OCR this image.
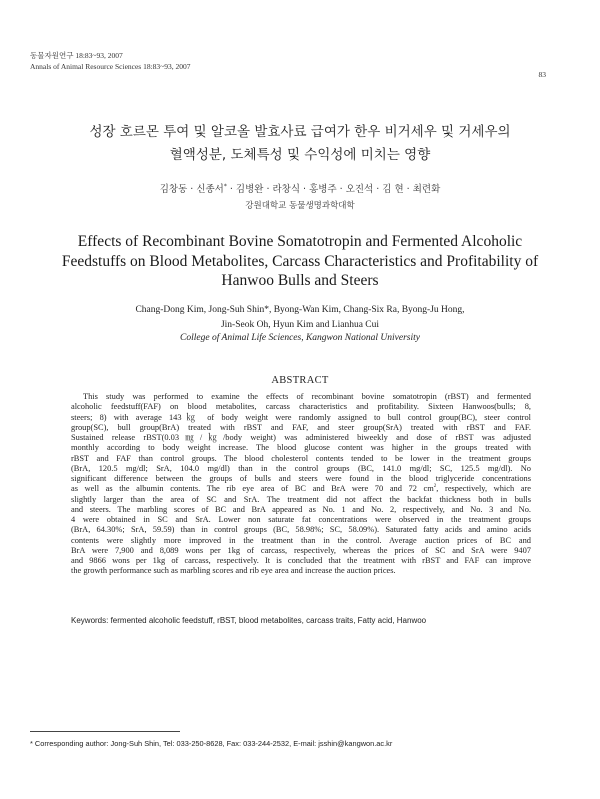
동물자원연구 18:83~93, 2007
Annals of Animal Resource Sciences 18:83~93, 2007
83
성장 호르몬 투여 및 알코올 발효사료 급여가 한우 비거세우 및 거세우의
혈액성분, 도체특성 및 수익성에 미치는 영향
김창동 · 신종서* · 김병완 · 라창식 · 홍병주 · 오진석 · 김 현 · 최련화
강원대학교 동물생명과학대학
Effects of Recombinant Bovine Somatotropin and Fermented Alcoholic
Feedstuffs on Blood Metabolites, Carcass Characteristics and Profitability of
Hanwoo Bulls and Steers
Chang-Dong Kim, Jong-Suh Shin*, Byong-Wan Kim, Chang-Six Ra, Byong-Ju Hong,
Jin-Seok Oh, Hyun Kim and Lianhua Cui
College of Animal Life Sciences, Kangwon National University
ABSTRACT
This study was performed to examine the effects of recombinant bovine somatotropin (rBST) and fermented
alcoholic feedstuff(FAF) on blood metabolites, carcass characteristics and profitability. Sixteen Hanwoos(bulls; 8,
steers; 8) with average 143㎏ of body weight were randomly assigned to bull control group(BC), steer control
group(SC), bull group(BrA) treated with rBST and FAF, and steer group(SrA) treated with rBST and FAF.
Sustained release rBST(0.03㎎/㎏/body weight) was administered biweekly and dose of rBST was adjusted
monthly according to body weight increase. The blood glucose content was higher in the groups treated with
rBST and FAF than control groups. The blood cholesterol contents tended to be lower in the treatment groups
(BrA, 120.5 mg/dl; SrA, 104.0 mg/dl) than in the control groups (BC, 141.0 mg/dl; SC, 125.5 mg/dl). No
significant difference between the groups of bulls and steers were found in the blood triglyceride concentrations
as well as the albumin contents. The rib eye area of BC and BrA were 70 and 72 $cm^2$, respectively, which are
slightly larger than the area of SC and SrA. The treatment did not affect the backfat thickness both in bulls
and steers. The marbling scores of BC and BrA appeared as No. 1 and No. 2, respectively, and No. 3 and No.
4 were obtained in SC and SrA. Lower non saturate fat concentrations were observed in the treatment groups
(BrA, 64.30%; SrA, 59.59) than in control groups (BC, 58.98%; SC, 58.09%). Saturated fatty acids and amino acids
contents were slightly more improved in the treatment than in the control. Average auction prices of BC and
BrA were 7,900 and 8,089 wons per 1kg of carcass, respectively, whereas the prices of SC and SrA were 9407
and 9866 wons per 1kg of carcass, respectively. It is concluded that the treatment with rBST and FAF can improve
the growth performance such as marbling scores and rib eye area and increase the auction prices.
Keywords: fermented alcoholic feedstuff, rBST, blood metabolites, carcass traits, Fatty acid, Hanwoo
* Corresponding author: Jong-Suh Shin, Tel: 033-250-8628, Fax: 033-244-2532, E-mail: jsshin@kangwon.ac.kr
